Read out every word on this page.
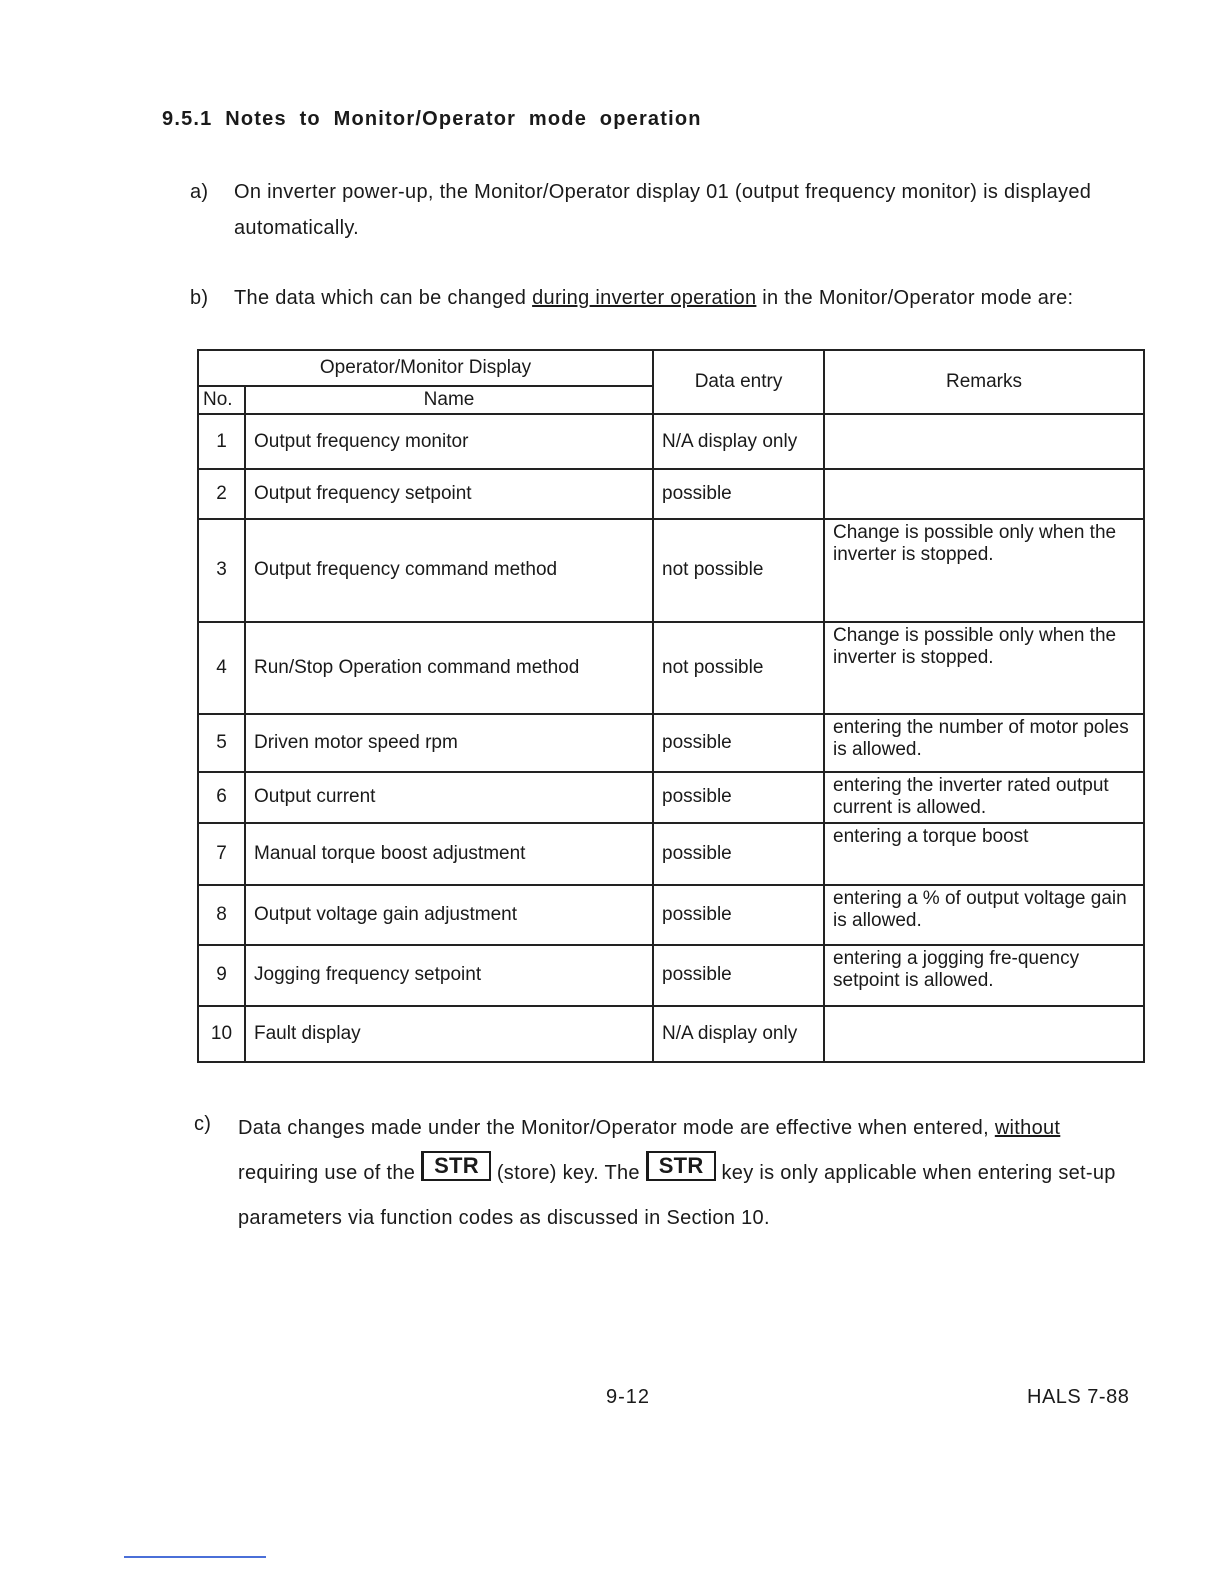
9.5.1 Notes to Monitor/Operator mode operation
a) On inverter power-up, the Monitor/Operator display 01 (output frequency monitor) is displayed automatically.
b) The data which can be changed during inverter operation in the Monitor/Operator mode are:
Operator/Monitor Display		Data entry	Remarks
No.	Name		
1	Output frequency monitor	N/A display only	
2	Output frequency setpoint	possible	
3	Output frequency command method	not possible	Change is possible only when the inverter is stopped.
4	Run/Stop Operation command method	not possible	Change is possible only when the inverter is stopped.
5	Driven motor speed rpm	possible	entering the number of motor poles is allowed.
6	Output current	possible	entering the inverter rated output current is allowed.
7	Manual torque boost adjustment	possible	entering a torque boost
8	Output voltage gain adjustment	possible	entering a % of output voltage gain is allowed.
9	Jogging frequency setpoint	possible	entering a jogging fre-quency setpoint is allowed.
10	Fault display	N/A display only	
c) Data changes made under the Monitor/Operator mode are effective when entered, without
requiring use of the STR (store) key. The STR key is only applicable when entering set-up parameters via function codes as discussed in Section 10.
9-12	HALS 7-88
